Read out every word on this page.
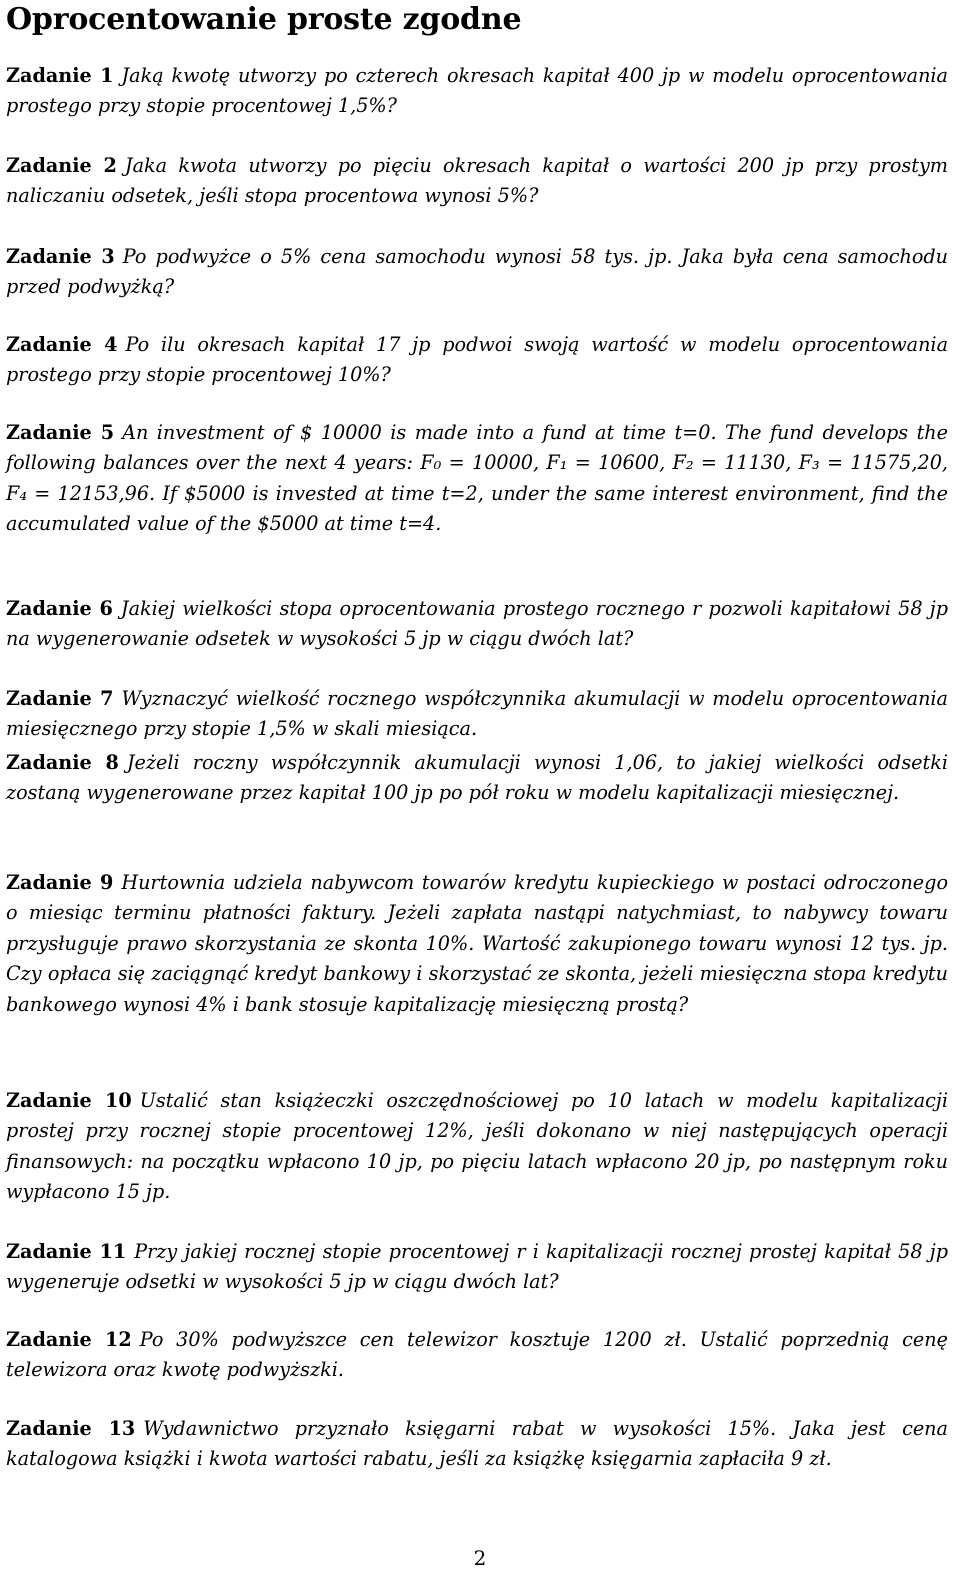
Oprocentowanie proste zgodne

Zadanie 1 Jaką kwotę utworzy po czterech okresach kapitał 400 jp w modelu oprocentowania prostego przy stopie procentowej 1,5%?

Zadanie 2 Jaka kwota utworzy po pięciu okresach kapitał o wartości 200 jp przy prostym naliczaniu odsetek, jeśli stopa procentowa wynosi 5%?

Zadanie 3 Po podwyżce o 5% cena samochodu wynosi 58 tys. jp. Jaka była cena samochodu przed podwyżką?

Zadanie 4 Po ilu okresach kapitał 17 jp podwoi swoją wartość w modelu oprocentowania prostego przy stopie procentowej 10%?

Zadanie 5 An investment of $ 10000 is made into a fund at time t=0. The fund develops the following balances over the next 4 years: F₀ = 10000, F₁ = 10600, F₂ = 11130, F₃ = 11575,20, F₄ = 12153,96. If $5000 is invested at time t=2, under the same interest environment, find the accumulated value of the $5000 at time t=4.

Zadanie 6 Jakiej wielkości stopa oprocentowania prostego rocznego r pozwoli kapitałowi 58 jp na wygenerowanie odsetek w wysokości 5 jp w ciągu dwóch lat?

Zadanie 7 Wyznaczyć wielkość rocznego współczynnika akumulacji w modelu oprocentowania miesięcznego przy stopie 1,5% w skali miesiąca.

Zadanie 8 Jeżeli roczny współczynnik akumulacji wynosi 1,06, to jakiej wielkości odsetki zostaną wygenerowane przez kapitał 100 jp po pół roku w modelu kapitalizacji miesięcznej.

Zadanie 9 Hurtownia udziela nabywcom towarów kredytu kupieckiego w postaci odroczonego o miesiąc terminu płatności faktury. Jeżeli zapłata nastąpi natychmiast, to nabywcy towaru przysługuje prawo skorzystania ze skonta 10%. Wartość zakupionego towaru wynosi 12 tys. jp. Czy opłaca się zaciągnąć kredyt bankowy i skorzystać ze skonta, jeżeli miesięczna stopa kredytu bankowego wynosi 4% i bank stosuje kapitalizację miesięczną prostą?

Zadanie 10 Ustalić stan książeczki oszczędnościowej po 10 latach w modelu kapitalizacji prostej przy rocznej stopie procentowej 12%, jeśli dokonano w niej następujących operacji finansowych: na początku wpłacono 10 jp, po pięciu latach wpłacono 20 jp, po następnym roku wypłacono 15 jp.

Zadanie 11 Przy jakiej rocznej stopie procentowej r i kapitalizacji rocznej prostej kapitał 58 jp wygeneruje odsetki w wysokości 5 jp w ciągu dwóch lat?

Zadanie 12 Po 30% podwyższce cen telewizor kosztuje 1200 zł. Ustalić poprzednią cenę telewizora oraz kwotę podwyższki.

Zadanie 13 Wydawnictwo przyznało księgarni rabat w wysokości 15%. Jaka jest cena katalogowa książki i kwota wartości rabatu, jeśli za książkę księgarnia zapłaciła 9 zł.

2
